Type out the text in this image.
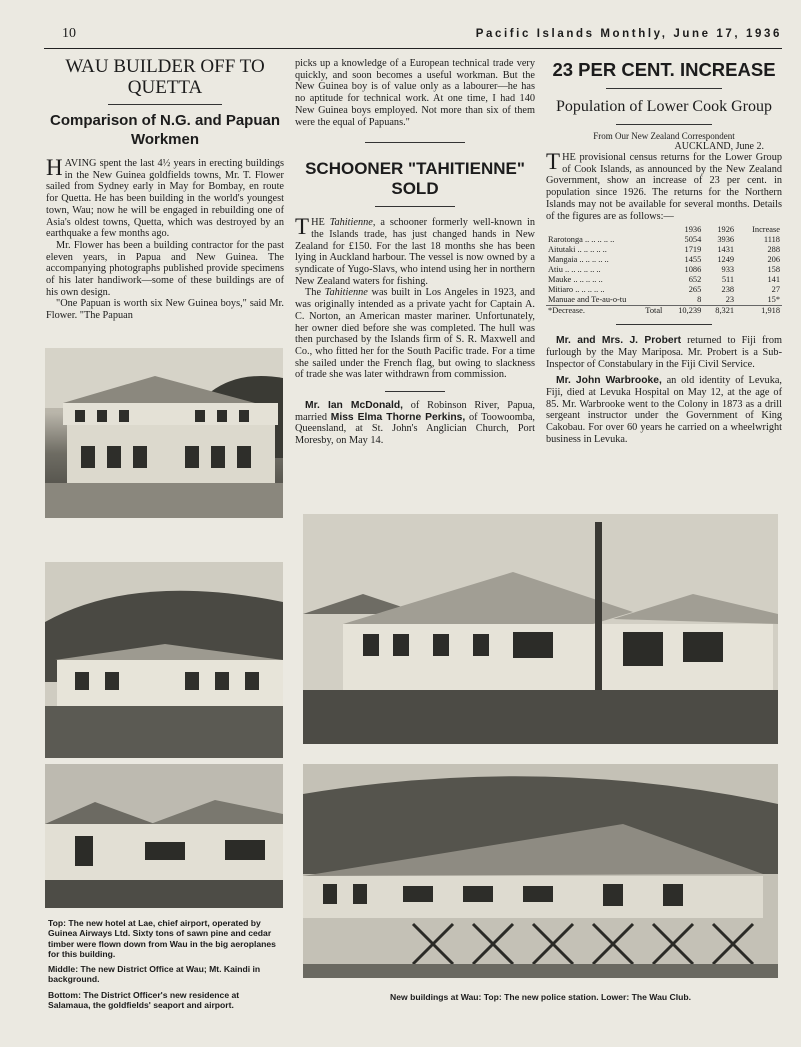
10	Pacific Islands Monthly, June 17, 1936
WAU BUILDER OFF TO QUETTA
Comparison of N.G. and Papuan Workmen

HAVING spent the last 4½ years in erecting buildings in the New Guinea goldfields towns, Mr. T. Flower sailed from Sydney early in May for Bombay, en route for Quetta. He has been building in the world's youngest town, Wau; now he will be engaged in rebuilding one of Asia's oldest towns, Quetta, which was destroyed by an earthquake a few months ago.

Mr. Flower has been a building contractor for the past eleven years, in Papua and New Guinea. The accompanying photographs published provide specimens of his later handiwork—some of these buildings are of his own design.

"One Papuan is worth six New Guinea boys," said Mr. Flower. "The Papuan

Top: The new hotel at Lae, chief airport, operated by Guinea Airways Ltd. Sixty tons of sawn pine and cedar timber were flown down from Wau in the big aeroplanes for this building.

Middle: The new District Office at Wau; Mt. Kaindi in background.

Bottom: The District Officer's new residence at Salamaua, the goldfields' seaport and airport.

picks up a knowledge of a European technical trade very quickly, and soon becomes a useful workman. But the New Guinea boy is of value only as a labourer—he has no aptitude for technical work. At one time, I had 140 New Guinea boys employed. Not more than six of them were the equal of Papuans."

SCHOONER "TAHITIENNE" SOLD

THE Tahitienne, a schooner formerly well-known in the Islands trade, has just changed hands in New Zealand for £150. For the last 18 months she has been lying in Auckland harbour. The vessel is now owned by a syndicate of Yugo-Slavs, who intend using her in northern New Zealand waters for fishing.

The Tahitienne was built in Los Angeles in 1923, and was originally intended as a private yacht for Captain A. C. Norton, an American master mariner. Unfortunately, her owner died before she was completed. The hull was then purchased by the Islands firm of S. R. Maxwell and Co., who fitted her for the South Pacific trade. For a time she sailed under the French flag, but owing to slackness of trade she was later withdrawn from commission.

Mr. Ian McDonald, of Robinson River, Papua, married Miss Elma Thorne Perkins, of Toowoomba, Queensland, at St. John's Anglician Church, Port Moresby, on May 14.

23 PER CENT. INCREASE
Population of Lower Cook Group
From Our New Zealand Correspondent
AUCKLAND, June 2.

THE provisional census returns for the Lower Group of Cook Islands, as announced by the New Zealand Government, show an increase of 23 per cent. in population since 1926. The returns for the Northern Islands may not be available for several months. Details of the figures are as follows:—

	1936	1926	Increase
Rarotonga .. .. .. .. ..	5054	3936	1118
Aitutaki .. .. .. .. ..	1719	1431	288
Mangaia .. .. .. .. ..	1455	1249	206
Atiu .. .. .. .. .. ..	1086	933	158
Mauke .. .. .. .. ..	652	511	141
Mitiaro .. .. .. .. ..	265	238	27
Manuae and Te-au-o-tu	8	23	15*
*Decrease. Total	10,239	8,321	1,918

Mr. and Mrs. J. Probert returned to Fiji from furlough by the May Mariposa. Mr. Probert is a Sub-Inspector of Constabulary in the Fiji Civil Service.

Mr. John Warbrooke, an old identity of Levuka, Fiji, died at Levuka Hospital on May 12, at the age of 85. Mr. Warbrooke went to the Colony in 1873 as a drill sergeant instructor under the Government of King Cakobau. For over 60 years he carried on a wheelwright business in Levuka.

New buildings at Wau: Top: The new police station. Lower: The Wau Club.
